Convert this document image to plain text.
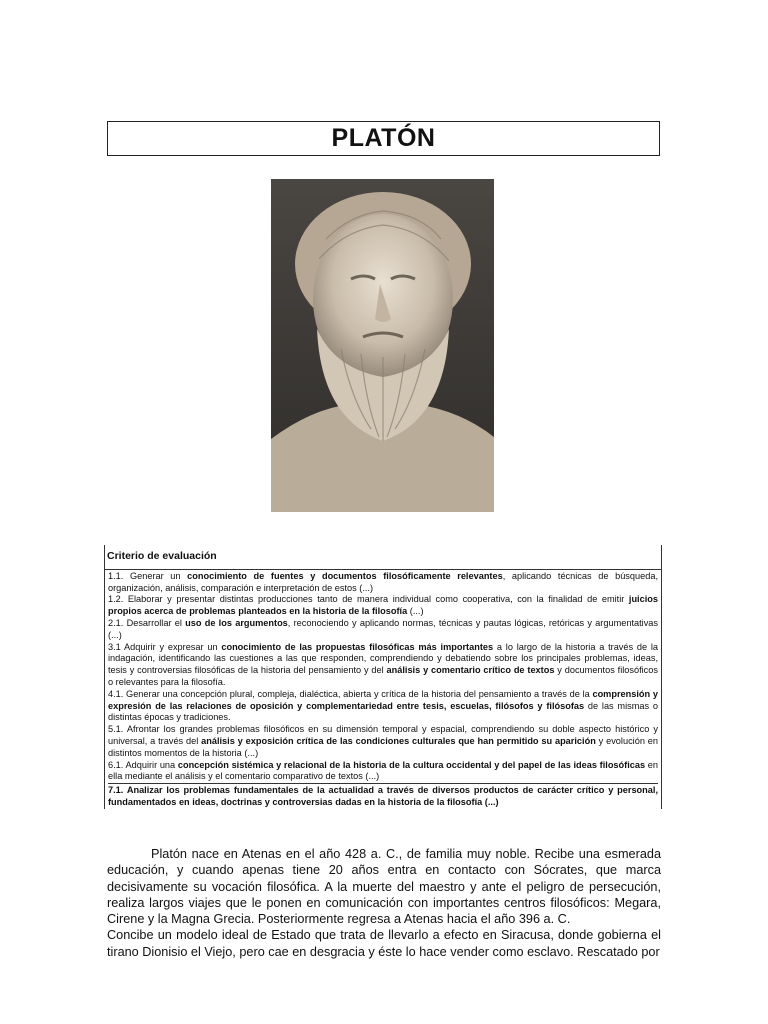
PLATÓN
Criterio de evaluación

1.1. Generar un conocimiento de fuentes y documentos filosóficamente relevantes, aplicando técnicas de búsqueda, organización, análisis, comparación e interpretación de estos (...)

1.2. Elaborar y presentar distintas producciones tanto de manera individual como cooperativa, con la finalidad de emitir juicios propios acerca de problemas planteados en la historia de la filosofía (...)

2.1. Desarrollar el uso de los argumentos, reconociendo y aplicando normas, técnicas y pautas lógicas, retóricas y argumentativas (...)

3.1 Adquirir y expresar un conocimiento de las propuestas filosóficas más importantes a lo largo de la historia a través de la indagación, identificando las cuestiones a las que responden, comprendiendo y debatiendo sobre los principales problemas, ideas, tesis y controversias filosóficas de la historia del pensamiento y del análisis y comentario crítico de textos y documentos filosóficos o relevantes para la filosofía.

4.1. Generar una concepción plural, compleja, dialéctica, abierta y crítica de la historia del pensamiento a través de la comprensión y expresión de las relaciones de oposición y complementariedad entre tesis, escuelas, filósofos y filósofas de las mismas o distintas épocas y tradiciones.

5.1. Afrontar los grandes problemas filosóficos en su dimensión temporal y espacial, comprendiendo su doble aspecto histórico y universal, a través del análisis y exposición crítica de las condiciones culturales que han permitido su aparición y evolución en distintos momentos de la historia (...)

6.1. Adquirir una concepción sistémica y relacional de la historia de la cultura occidental y del papel de las ideas filosóficas en ella mediante el análisis y el comentario comparativo de textos (...)

7.1. Analizar los problemas fundamentales de la actualidad a través de diversos productos de carácter crítico y personal, fundamentados en ideas, doctrinas y controversias dadas en la historia de la filosofía (...)

Platón nace en Atenas en el año 428 a. C., de familia muy noble. Recibe una esmerada educación, y cuando apenas tiene 20 años entra en contacto con Sócrates, que marca decisivamente su vocación filosófica. A la muerte del maestro y ante el peligro de persecución, realiza largos viajes que le ponen en comunicación con importantes centros filosóficos: Megara, Cirene y la Magna Grecia. Posteriormente regresa a Atenas hacia el año 396 a. C.

Concibe un modelo ideal de Estado que trata de llevarlo a efecto en Siracusa, donde gobierna el tirano Dionisio el Viejo, pero cae en desgracia y éste lo hace vender como esclavo. Rescatado por
